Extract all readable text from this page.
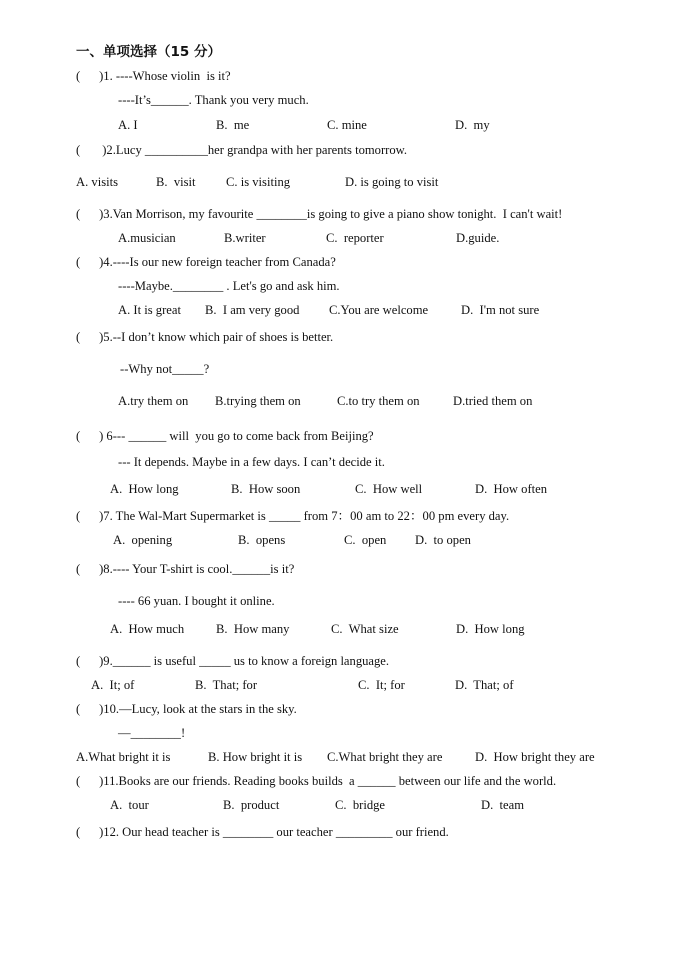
一、单项选择（15 分）
(      )1. ----Whose violin  is it?
----It’s______. Thank you very much.
A. I	B.  me	C. mine	D.  my
(       )2.Lucy __________her grandpa with her parents tomorrow.
A. visits	B.  visit C. is visiting	D. is going to visit
(      )3.Van Morrison, my favourite ________is going to give a piano show tonight.  I can't wait!
A.musician	B.writer	C.  reporter	D.guide.
(      )4.----Is our new foreign teacher from Canada?
----Maybe.________ . Let's go and ask him.
A. It is great B.  I am very good C.You are welcome	D.  I'm not sure
(      )5.--I don’t know which pair of shoes is better.
--Why not_____?
A.try them on B.trying them on	C.to try them on	D.tried them on
(      ) 6--- ______ will  you go to come back from Beijing?
--- It depends. Maybe in a few days. I can’t decide it.
A.  How long	B.  How soon	C.  How well	D.  How often
(      )7. The Wal-Mart Supermarket is _____ from 7：00 am to 22：00 pm every day.
A.  opening	B.  opens	C.  open D.  to open
(      )8.---- Your T-shirt is cool.______is it?
---- 66 yuan. I bought it online.
A.  How much	B.  How many	C.  What size	D.  How long
(      )9.______ is useful _____ us to know a foreign language.
A.  It; of	B.  That; for	C.  It; for	D.  That; of
(      )10.—Lucy, look at the stars in the sky.
—________!
A.What bright it is	B. How bright it is C.What bright they are	D.  How bright they are
(      )11.Books are our friends. Reading books builds  a ______ between our life and the world.
A.  tour	B.  product	C.  bridge	D.  team
(      )12. Our head teacher is ________ our teacher _________ our friend.
